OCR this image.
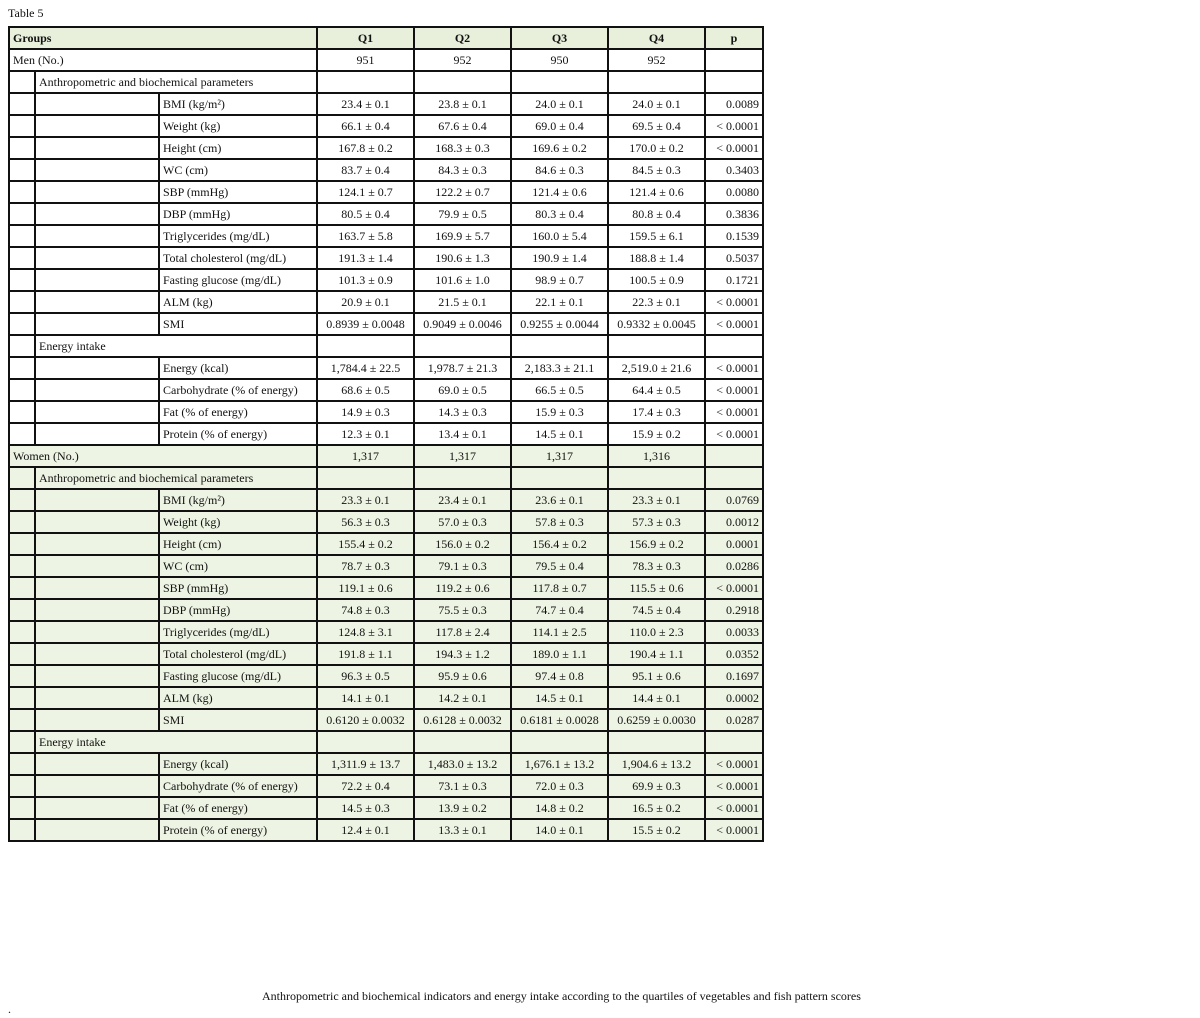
Table 5
Groups			Q1	Q2	Q3	Q4	p
Men (No.)			951	952	950	952	
	Anthropometric and biochemical parameters						
		BMI (kg/m²)	23.4 ± 0.1	23.8 ± 0.1	24.0 ± 0.1	24.0 ± 0.1	0.0089
		Weight (kg)	66.1 ± 0.4	67.6 ± 0.4	69.0 ± 0.4	69.5 ± 0.4	< 0.0001
		Height (cm)	167.8 ± 0.2	168.3 ± 0.3	169.6 ± 0.2	170.0 ± 0.2	< 0.0001
		WC (cm)	83.7 ± 0.4	84.3 ± 0.3	84.6 ± 0.3	84.5 ± 0.3	0.3403
		SBP (mmHg)	124.1 ± 0.7	122.2 ± 0.7	121.4 ± 0.6	121.4 ± 0.6	0.0080
		DBP (mmHg)	80.5 ± 0.4	79.9 ± 0.5	80.3 ± 0.4	80.8 ± 0.4	0.3836
		Triglycerides (mg/dL)	163.7 ± 5.8	169.9 ± 5.7	160.0 ± 5.4	159.5 ± 6.1	0.1539
		Total cholesterol (mg/dL)	191.3 ± 1.4	190.6 ± 1.3	190.9 ± 1.4	188.8 ± 1.4	0.5037
		Fasting glucose (mg/dL)	101.3 ± 0.9	101.6 ± 1.0	98.9 ± 0.7	100.5 ± 0.9	0.1721
		ALM (kg)	20.9 ± 0.1	21.5 ± 0.1	22.1 ± 0.1	22.3 ± 0.1	< 0.0001
		SMI	0.8939 ± 0.0048	0.9049 ± 0.0046	0.9255 ± 0.0044	0.9332 ± 0.0045	< 0.0001
	Energy intake						
		Energy (kcal)	1,784.4 ± 22.5	1,978.7 ± 21.3	2,183.3 ± 21.1	2,519.0 ± 21.6	< 0.0001
		Carbohydrate (% of energy)	68.6 ± 0.5	69.0 ± 0.5	66.5 ± 0.5	64.4 ± 0.5	< 0.0001
		Fat (% of energy)	14.9 ± 0.3	14.3 ± 0.3	15.9 ± 0.3	17.4 ± 0.3	< 0.0001
		Protein (% of energy)	12.3 ± 0.1	13.4 ± 0.1	14.5 ± 0.1	15.9 ± 0.2	< 0.0001
Women (No.)			1,317	1,317	1,317	1,316	
	Anthropometric and biochemical parameters						
		BMI (kg/m²)	23.3 ± 0.1	23.4 ± 0.1	23.6 ± 0.1	23.3 ± 0.1	0.0769
		Weight (kg)	56.3 ± 0.3	57.0 ± 0.3	57.8 ± 0.3	57.3 ± 0.3	0.0012
		Height (cm)	155.4 ± 0.2	156.0 ± 0.2	156.4 ± 0.2	156.9 ± 0.2	0.0001
		WC (cm)	78.7 ± 0.3	79.1 ± 0.3	79.5 ± 0.4	78.3 ± 0.3	0.0286
		SBP (mmHg)	119.1 ± 0.6	119.2 ± 0.6	117.8 ± 0.7	115.5 ± 0.6	< 0.0001
		DBP (mmHg)	74.8 ± 0.3	75.5 ± 0.3	74.7 ± 0.4	74.5 ± 0.4	0.2918
		Triglycerides (mg/dL)	124.8 ± 3.1	117.8 ± 2.4	114.1 ± 2.5	110.0 ± 2.3	0.0033
		Total cholesterol (mg/dL)	191.8 ± 1.1	194.3 ± 1.2	189.0 ± 1.1	190.4 ± 1.1	0.0352
		Fasting glucose (mg/dL)	96.3 ± 0.5	95.9 ± 0.6	97.4 ± 0.8	95.1 ± 0.6	0.1697
		ALM (kg)	14.1 ± 0.1	14.2 ± 0.1	14.5 ± 0.1	14.4 ± 0.1	0.0002
		SMI	0.6120 ± 0.0032	0.6128 ± 0.0032	0.6181 ± 0.0028	0.6259 ± 0.0030	0.0287
	Energy intake						
		Energy (kcal)	1,311.9 ± 13.7	1,483.0 ± 13.2	1,676.1 ± 13.2	1,904.6 ± 13.2	< 0.0001
		Carbohydrate (% of energy)	72.2 ± 0.4	73.1 ± 0.3	72.0 ± 0.3	69.9 ± 0.3	< 0.0001
		Fat (% of energy)	14.5 ± 0.3	13.9 ± 0.2	14.8 ± 0.2	16.5 ± 0.2	< 0.0001
		Protein (% of energy)	12.4 ± 0.1	13.3 ± 0.1	14.0 ± 0.1	15.5 ± 0.2	< 0.0001
Anthropometric and biochemical indicators and energy intake according to the quartiles of vegetables and fish pattern scores
.
